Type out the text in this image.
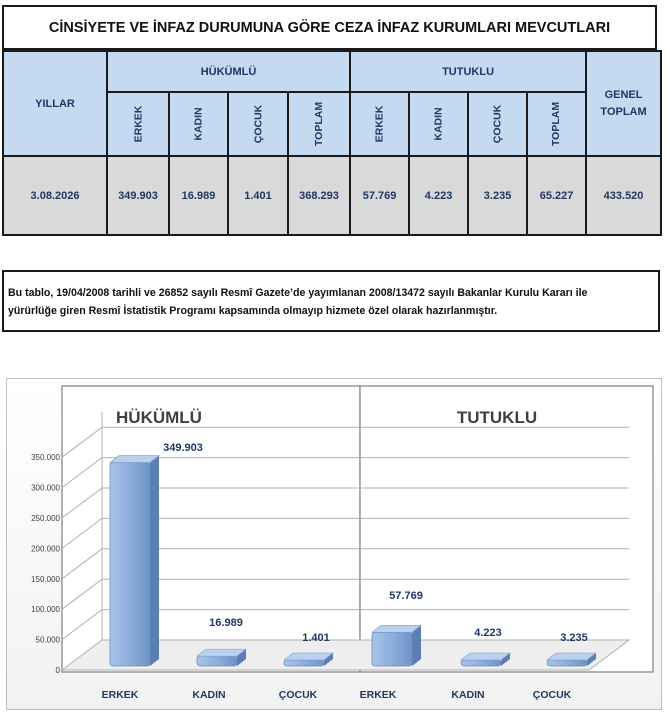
CİNSİYETE VE İNFAZ DURUMUNA GÖRE CEZA İNFAZ KURUMLARI MEVCUTLARI
YILLAR	HÜKÜMLÜ				TUTUKLU				GENEL TOPLAM

	ERKEK	KADIN	ÇOCUK	TOPLAM	ERKEK	KADIN	ÇOCUK	TOPLAM	
3.08.2026	349.903	16.989	1.401	368.293	57.769	4.223	3.235	65.227	433.520
Bu tablo, 19/04/2008 tarihli ve 26852 sayılı Resmî Gazete’de yayımlanan 2008/13472 sayılı Bakanlar Kurulu Kararı ile
yürürlüğe giren Resmî İstatistik Programı kapsamında olmayıp hizmete özel olarak hazırlanmıştır.
0
50.000
100.000
150.000
200.000
250.000
300.000
350.000
HÜKÜMLÜ	TUTUKLU
349.903
ERKEK
16.989
KADIN
1.401
ÇOCUK
57.769
ERKEK
4.223
KADIN
3.235
ÇOCUK
